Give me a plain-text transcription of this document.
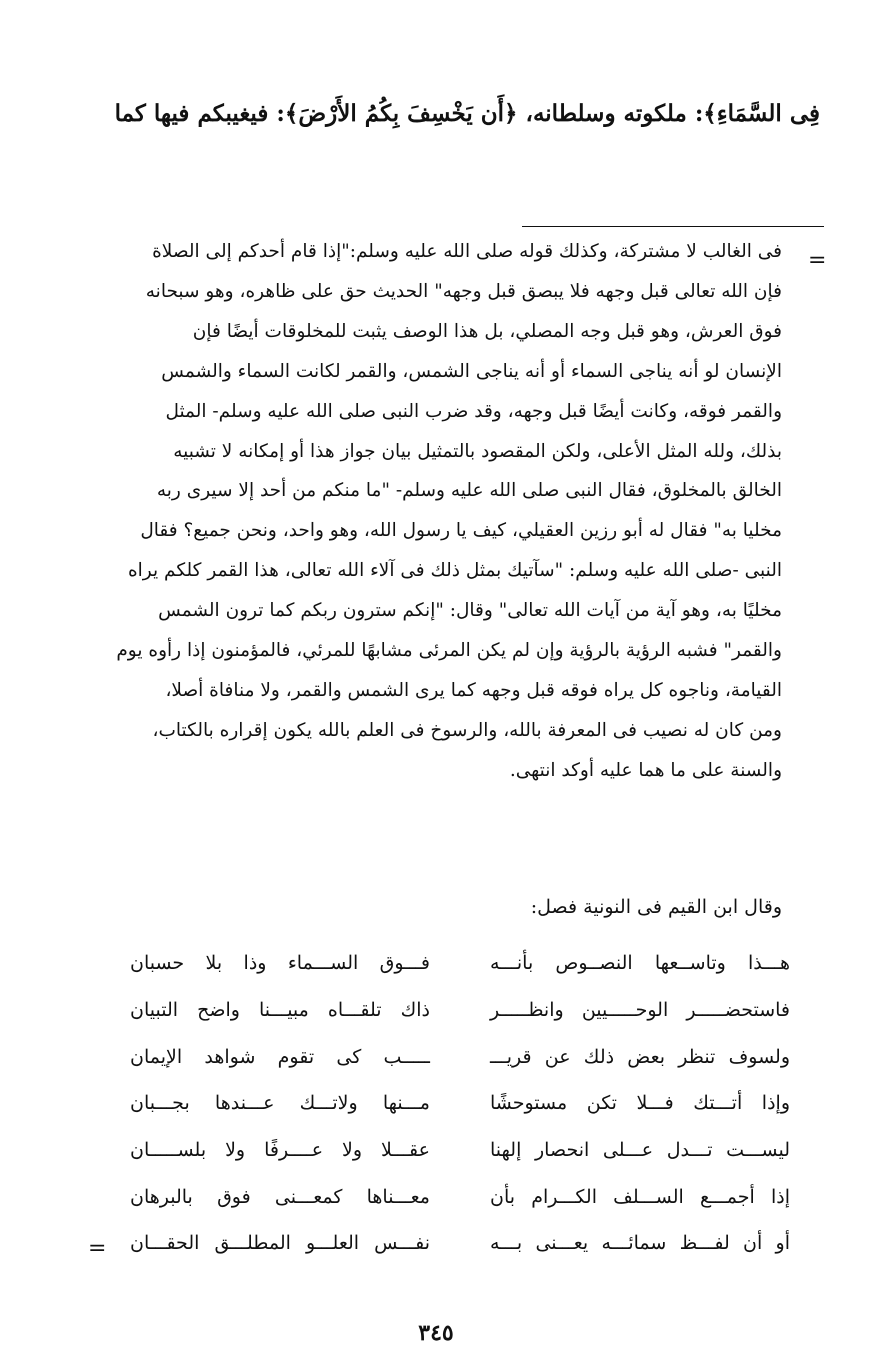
فِى السَّمَاءِ﴾: ملكوته وسلطانه، ﴿أَن يَخْسِفَ بِكُمُ الأَرْضَ﴾: فيغيبكم فيها كما

=
فى الغالب لا مشتركة، وكذلك قوله صلى الله عليه وسلم:"إذا قام أحدكم إلى الصلاة
فإن الله تعالى قبل وجهه فلا يبصق قبل وجهه" الحديث حق على ظاهره، وهو سبحانه
فوق العرش، وهو قبل وجه المصلي، بل هذا الوصف يثبت للمخلوقات أيضًا فإن
الإنسان لو أنه يناجى السماء أو أنه يناجى الشمس، والقمر لكانت السماء والشمس
والقمر فوقه، وكانت أيضًا قبل وجهه، وقد ضرب النبى صلى الله عليه وسلم- المثل
بذلك، ولله المثل الأعلى، ولكن المقصود بالتمثيل بيان جواز هذا أو إمكانه لا تشبيه
الخالق بالمخلوق، فقال النبى صلى الله عليه وسلم- "ما منكم من أحد إلا سيرى ربه
مخليا به" فقال له أبو رزين العقيلي، كيف يا رسول الله، وهو واحد، ونحن جميع؟ فقال
النبى -صلى الله عليه وسلم: "سآتيك بمثل ذلك فى آلاء الله تعالى، هذا القمر كلكم يراه
مخليًا به، وهو آية من آيات الله تعالى" وقال: "إنكم سترون ربكم كما ترون الشمس
والقمر" فشبه الرؤية بالرؤية وإن لم يكن المرئى مشابهًا للمرئي، فالمؤمنون إذا رأوه يوم
القيامة، وناجوه كل يراه فوقه قبل وجهه كما يرى الشمس والقمر، ولا منافاة أصلا،
ومن كان له نصيب فى المعرفة بالله، والرسوخ فى العلم بالله يكون إقراره بالكتاب،
والسنة على ما هما عليه أوكد انتهى.

وقال ابن القيم فى النونية فصل:

هـــذا وتاســعها النصــوص بأنـــه
فـــوق الســـماء وذا بلا حسبان
فاستحضـــــر الوحـــــيين وانظـــــر
ذاك تلقـــاه مبيـــنا واضح التبيان
ولسوف تنظر بعض ذلك عن قريـــ
ـــــب كى تقوم شواهد الإيمان
وإذا أتـــتك فـــلا تكن مستوحشًا
مـــنها ولاتـــك عـــندها بجـــبان
ليســـت تـــدل عـــلى انحصار إلهنا
عقـــلا ولا عــــرفًا ولا بلســـــان
إذا أجمـــع الســـلف الكـــرام بأن
معـــناها كمعـــنى فوق بالبرهان
أو أن لفـــظ سمائـــه يعـــنى بـــه
نفـــس العلـــو المطلـــق الحقـــان
=

٣٤٥
